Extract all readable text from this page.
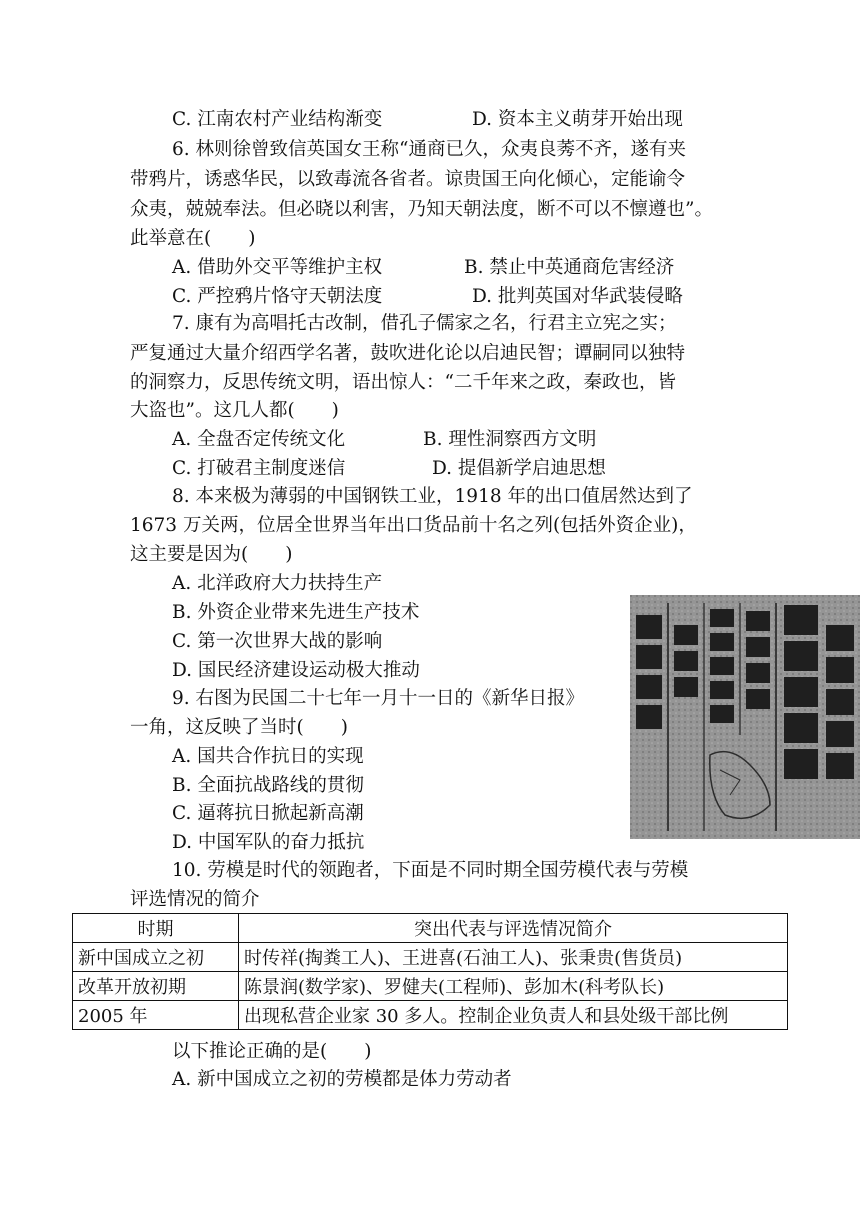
C. 江南农村产业结构渐变	D. 资本主义萌芽开始出现
6. 林则徐曾致信英国女王称“通商已久，众夷良莠不齐，遂有夹
带鸦片，诱惑华民，以致毒流各省者。谅贵国王向化倾心，定能谕令
众夷，兢兢奉法。但必晓以利害，乃知天朝法度，断不可以不懔遵也”。
此举意在(　　)
A. 借助外交平等维护主权	B. 禁止中英通商危害经济
C. 严控鸦片恪守天朝法度	D. 批判英国对华武装侵略
7. 康有为高唱托古改制，借孔子儒家之名，行君主立宪之实；
严复通过大量介绍西学名著，鼓吹进化论以启迪民智；谭嗣同以独特
的洞察力，反思传统文明，语出惊人：“二千年来之政，秦政也，皆
大盗也”。这几人都(　　)
A. 全盘否定传统文化	B. 理性洞察西方文明
C. 打破君主制度迷信	D. 提倡新学启迪思想
8. 本来极为薄弱的中国钢铁工业，1918 年的出口值居然达到了
1673 万关两，位居全世界当年出口货品前十名之列(包括外资企业)，
这主要是因为(　　)
A. 北洋政府大力扶持生产
B. 外资企业带来先进生产技术
C. 第一次世界大战的影响
D. 国民经济建设运动极大推动
9. 右图为民国二十七年一月十一日的《新华日报》
一角，这反映了当时(　　)
A. 国共合作抗日的实现
B. 全面抗战路线的贯彻
C. 逼蒋抗日掀起新高潮
D. 中国军队的奋力抵抗
10. 劳模是时代的领跑者，下面是不同时期全国劳模代表与劳模
评选情况的简介
时期	突出代表与评选情况简介
新中国成立之初	时传祥(掏粪工人)、王进喜(石油工人)、张秉贵(售货员)
改革开放初期	陈景润(数学家)、罗健夫(工程师)、彭加木(科考队长)
2005 年	出现私营企业家 30 多人。控制企业负责人和县处级干部比例
以下推论正确的是(　　)
A. 新中国成立之初的劳模都是体力劳动者
